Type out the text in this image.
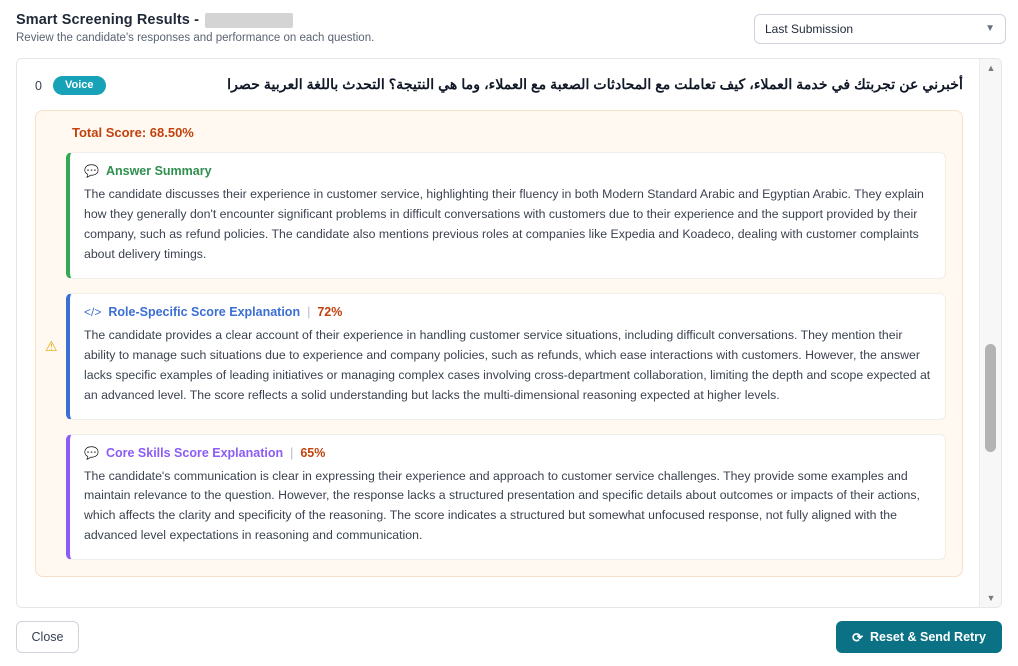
Smart Screening Results -
Review the candidate's responses and performance on each question.
Last Submission	▼
أخبرني عن تجربتك في خدمة العملاء، كيف تعاملت مع المحادثات الصعبة مع العملاء، وما هي النتيجة؟ التحدث باللغة العربية حصرا
Voice
0
Total Score: 68.50%
⚠
💬 Answer Summary
The candidate discusses their experience in customer service, highlighting their fluency in both Modern Standard Arabic and Egyptian Arabic. They explain how they generally don't encounter significant problems in difficult conversations with customers due to their experience and the support provided by their company, such as refund policies. The candidate also mentions previous roles at companies like Expedia and Koadeco, dealing with customer complaints about delivery timings.
</> Role-Specific Score Explanation | 72%
The candidate provides a clear account of their experience in handling customer service situations, including difficult conversations. They mention their ability to manage such situations due to experience and company policies, such as refunds, which ease interactions with customers. However, the answer lacks specific examples of leading initiatives or managing complex cases involving cross-department collaboration, limiting the depth and scope expected at an advanced level. The score reflects a solid understanding but lacks the multi-dimensional reasoning expected at higher levels.
💬 Core Skills Score Explanation | 65%
The candidate's communication is clear in expressing their experience and approach to customer service challenges. They provide some examples and maintain relevance to the question. However, the response lacks a structured presentation and specific details about outcomes or impacts of their actions, which affects the clarity and specificity of the reasoning. The score indicates a structured but somewhat unfocused response, not fully aligned with the advanced level expectations in reasoning and communication.
▲
▼
Close	⟳ Reset & Send Retry
